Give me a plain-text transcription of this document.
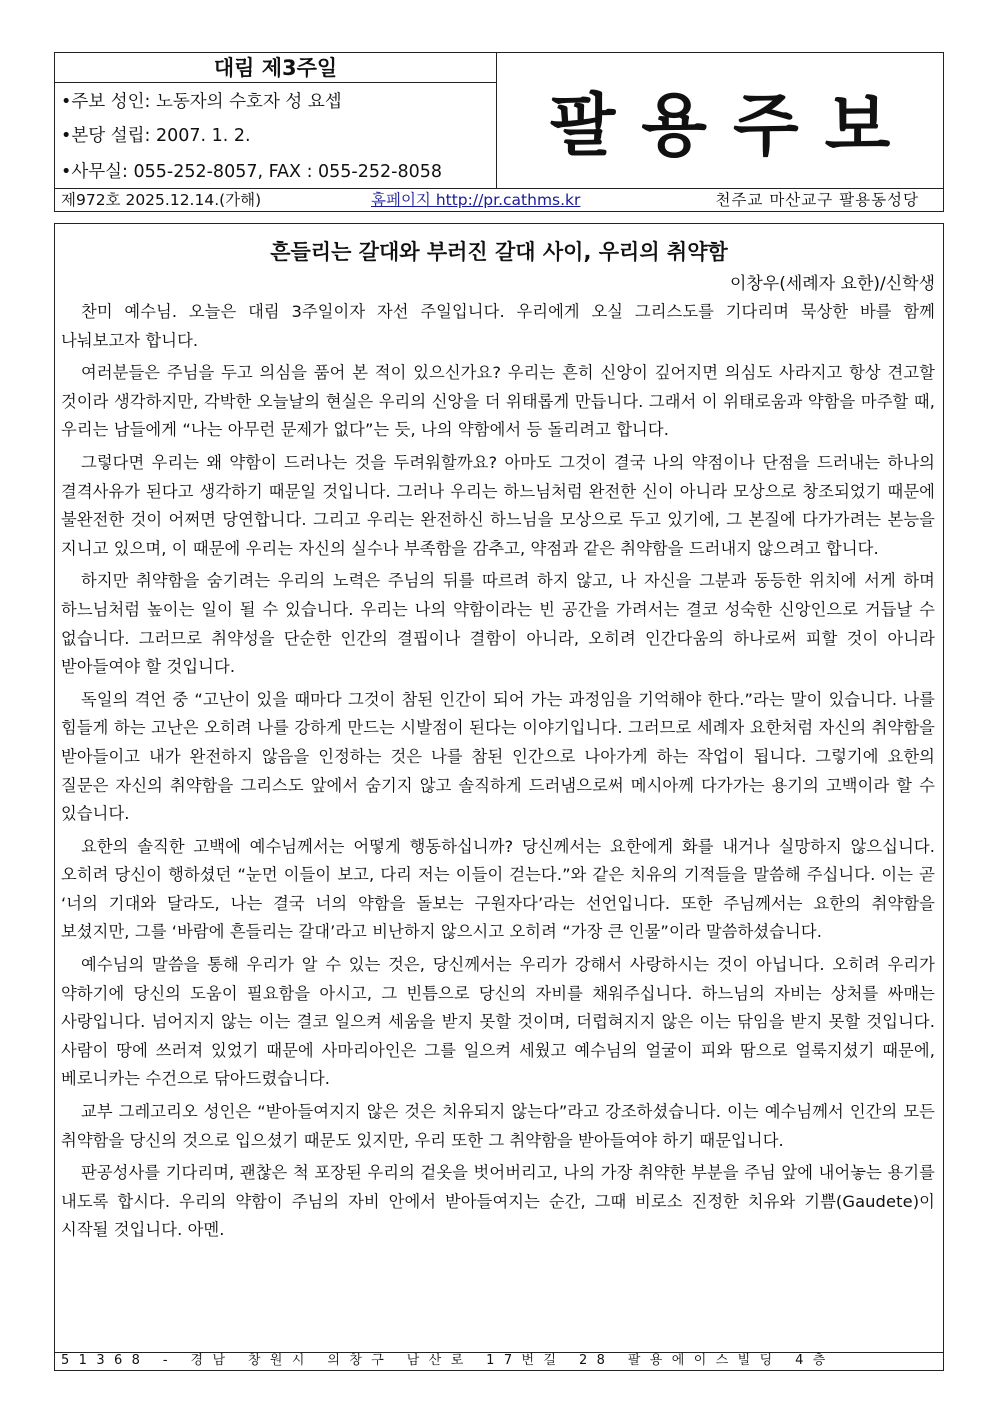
대림 제3주일
•주보 성인: 노동자의 수호자 성 요셉
•본당 설립: 2007. 1. 2.
•사무실: 055-252-8057, FAX : 055-252-8058
팔용주보
제972호 2025.12.14.(가해)	홈페이지 http://pr.cathms.kr	천주교 마산교구 팔용동성당
흔들리는 갈대와 부러진 갈대 사이, 우리의 취약함
이창우(세례자 요한)/신학생

찬미 예수님. 오늘은 대림 3주일이자 자선 주일입니다. 우리에게 오실 그리스도를 기다리며 묵상한 바를 함께 나눠보고자 합니다.

여러분들은 주님을 두고 의심을 품어 본 적이 있으신가요? 우리는 흔히 신앙이 깊어지면 의심도 사라지고 항상 견고할 것이라 생각하지만, 각박한 오늘날의 현실은 우리의 신앙을 더 위태롭게 만듭니다. 그래서 이 위태로움과 약함을 마주할 때, 우리는 남들에게 “나는 아무런 문제가 없다”는 듯, 나의 약함에서 등 돌리려고 합니다.

그렇다면 우리는 왜 약함이 드러나는 것을 두려워할까요? 아마도 그것이 결국 나의 약점이나 단점을 드러내는 하나의 결격사유가 된다고 생각하기 때문일 것입니다. 그러나 우리는 하느님처럼 완전한 신이 아니라 모상으로 창조되었기 때문에 불완전한 것이 어쩌면 당연합니다. 그리고 우리는 완전하신 하느님을 모상으로 두고 있기에, 그 본질에 다가가려는 본능을 지니고 있으며, 이 때문에 우리는 자신의 실수나 부족함을 감추고, 약점과 같은 취약함을 드러내지 않으려고 합니다.

하지만 취약함을 숨기려는 우리의 노력은 주님의 뒤를 따르려 하지 않고, 나 자신을 그분과 동등한 위치에 서게 하며 하느님처럼 높이는 일이 될 수 있습니다. 우리는 나의 약함이라는 빈 공간을 가려서는 결코 성숙한 신앙인으로 거듭날 수 없습니다. 그러므로 취약성을 단순한 인간의 결핍이나 결함이 아니라, 오히려 인간다움의 하나로써 피할 것이 아니라 받아들여야 할 것입니다.

독일의 격언 중 “고난이 있을 때마다 그것이 참된 인간이 되어 가는 과정임을 기억해야 한다.”라는 말이 있습니다. 나를 힘들게 하는 고난은 오히려 나를 강하게 만드는 시발점이 된다는 이야기입니다. 그러므로 세례자 요한처럼 자신의 취약함을 받아들이고 내가 완전하지 않음을 인정하는 것은 나를 참된 인간으로 나아가게 하는 작업이 됩니다. 그렇기에 요한의 질문은 자신의 취약함을 그리스도 앞에서 숨기지 않고 솔직하게 드러냄으로써 메시아께 다가가는 용기의 고백이라 할 수 있습니다.

요한의 솔직한 고백에 예수님께서는 어떻게 행동하십니까? 당신께서는 요한에게 화를 내거나 실망하지 않으십니다. 오히려 당신이 행하셨던 “눈먼 이들이 보고, 다리 저는 이들이 걷는다.”와 같은 치유의 기적들을 말씀해 주십니다. 이는 곧 ‘너의 기대와 달라도, 나는 결국 너의 약함을 돌보는 구원자다’라는 선언입니다. 또한 주님께서는 요한의 취약함을 보셨지만, 그를 ‘바람에 흔들리는 갈대’라고 비난하지 않으시고 오히려 “가장 큰 인물”이라 말씀하셨습니다.

예수님의 말씀을 통해 우리가 알 수 있는 것은, 당신께서는 우리가 강해서 사랑하시는 것이 아닙니다. 오히려 우리가 약하기에 당신의 도움이 필요함을 아시고, 그 빈틈으로 당신의 자비를 채워주십니다. 하느님의 자비는 상처를 싸매는 사랑입니다. 넘어지지 않는 이는 결코 일으켜 세움을 받지 못할 것이며, 더럽혀지지 않은 이는 닦임을 받지 못할 것입니다. 사람이 땅에 쓰러져 있었기 때문에 사마리아인은 그를 일으켜 세웠고 예수님의 얼굴이 피와 땀으로 얼룩지셨기 때문에, 베로니카는 수건으로 닦아드렸습니다.

교부 그레고리오 성인은 “받아들여지지 않은 것은 치유되지 않는다”라고 강조하셨습니다. 이는 예수님께서 인간의 모든 취약함을 당신의 것으로 입으셨기 때문도 있지만, 우리 또한 그 취약함을 받아들여야 하기 때문입니다.

판공성사를 기다리며, 괜찮은 척 포장된 우리의 겉옷을 벗어버리고, 나의 가장 취약한 부분을 주님 앞에 내어놓는 용기를 내도록 합시다. 우리의 약함이 주님의 자비 안에서 받아들여지는 순간, 그때 비로소 진정한 치유와 기쁨(Gaudete)이 시작될 것입니다. 아멘.

51368 - 경남 창원시 의창구 남산로 17번길 28 팔용에이스빌딩 4층
